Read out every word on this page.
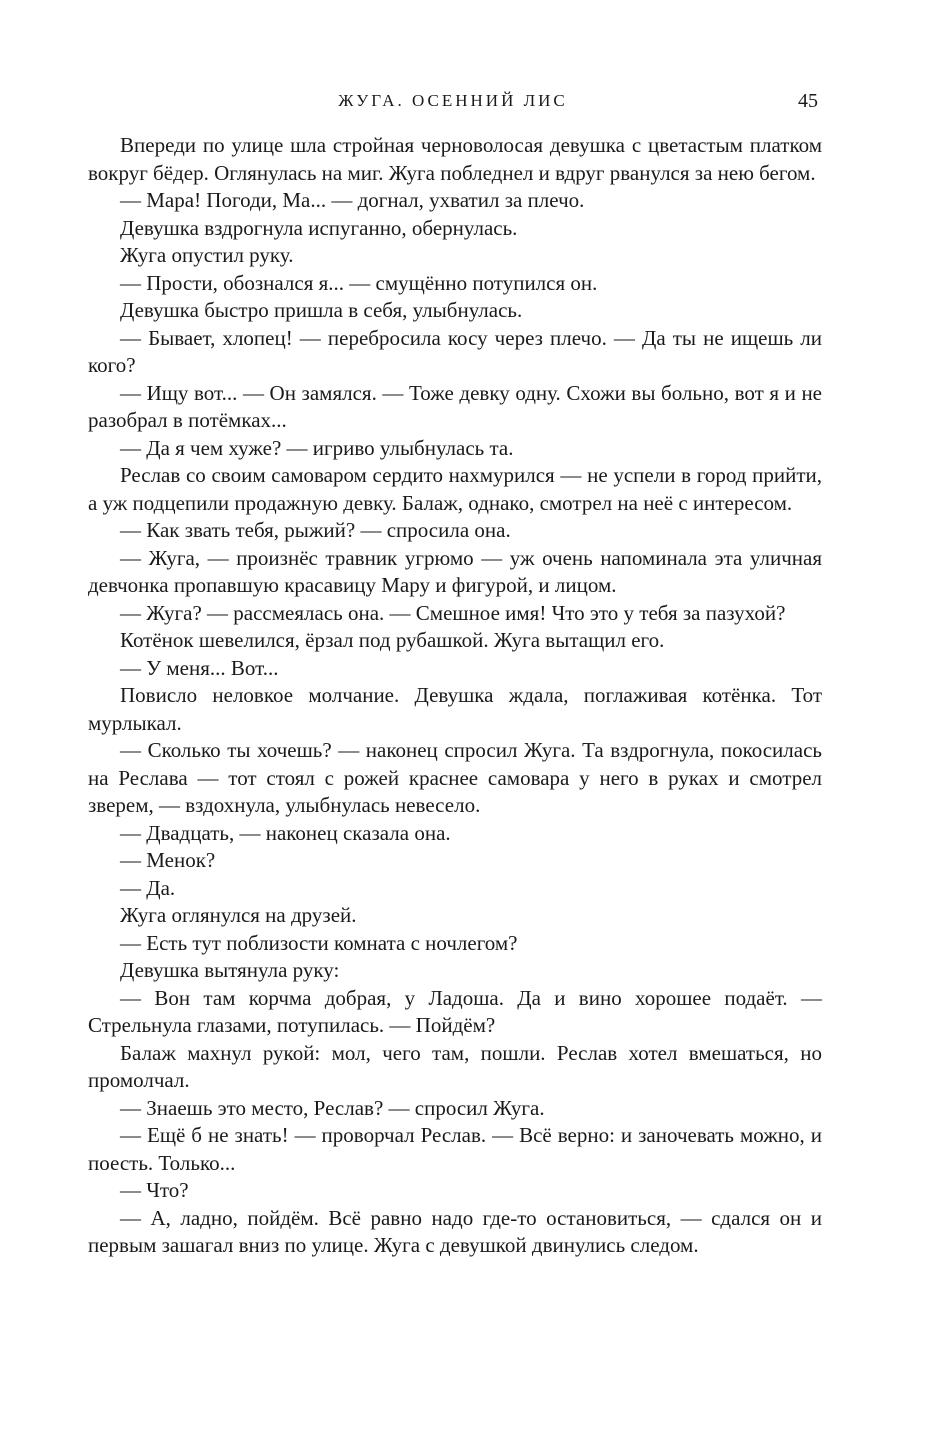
ЖУГА. ОСЕННИЙ ЛИС	45

Впереди по улице шла стройная черноволосая девушка с цветастым платком вокруг бёдер. Оглянулась на миг. Жуга побледнел и вдруг рванулся за нею бегом.

— Мара! Погоди, Ма... — догнал, ухватил за плечо.

Девушка вздрогнула испуганно, обернулась.

Жуга опустил руку.

— Прости, обознался я... — смущённо потупился он.

Девушка быстро пришла в себя, улыбнулась.

— Бывает, хлопец! — перебросила косу через плечо. — Да ты не ищешь ли кого?

— Ищу вот... — Он замялся. — Тоже девку одну. Схожи вы больно, вот я и не разобрал в потёмках...

— Да я чем хуже? — игриво улыбнулась та.

Реслав со своим самоваром сердито нахмурился — не успели в город прийти, а уж подцепили продажную девку. Балаж, однако, смотрел на неё с интересом.

— Как звать тебя, рыжий? — спросила она.

— Жуга, — произнёс травник угрюмо — уж очень напоминала эта уличная девчонка пропавшую красавицу Мару и фигурой, и лицом.

— Жуга? — рассмеялась она. — Смешное имя! Что это у тебя за пазухой?

Котёнок шевелился, ёрзал под рубашкой. Жуга вытащил его.

— У меня... Вот...

Повисло неловкое молчание. Девушка ждала, поглаживая котёнка. Тот мурлыкал.

— Сколько ты хочешь? — наконец спросил Жуга. Та вздрогнула, покосилась на Реслава — тот стоял с рожей краснее самовара у него в руках и смотрел зверем, — вздохнула, улыбнулась невесело.

— Двадцать, — наконец сказала она.

— Менок?

— Да.

Жуга оглянулся на друзей.

— Есть тут поблизости комната с ночлегом?

Девушка вытянула руку:

— Вон там корчма добрая, у Ладоша. Да и вино хорошее подаёт. — Стрельнула глазами, потупилась. — Пойдём?

Балаж махнул рукой: мол, чего там, пошли. Реслав хотел вмешаться, но промолчал.

— Знаешь это место, Реслав? — спросил Жуга.

— Ещё б не знать! — проворчал Реслав. — Всё верно: и заночевать можно, и поесть. Только...

— Что?

— А, ладно, пойдём. Всё равно надо где-то остановиться, — сдался он и первым зашагал вниз по улице. Жуга с девушкой двинулись следом.
